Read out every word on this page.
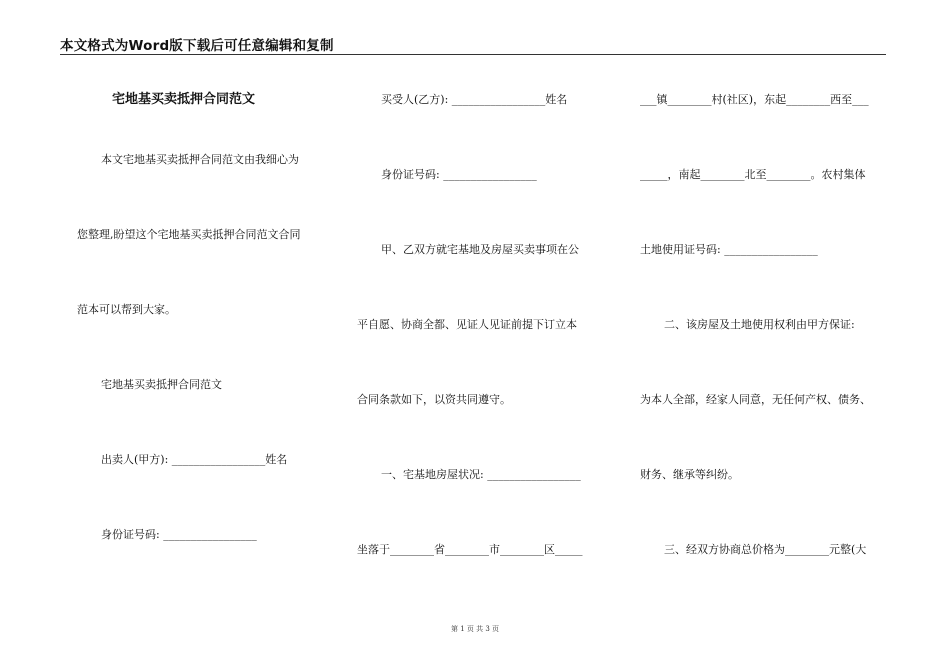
本文格式为Word版下载后可任意编辑和复制
宅地基买卖抵押合同范文
本文宅地基买卖抵押合同范文由我细心为
您整理,盼望这个宅地基买卖抵押合同范文合同
范本可以帮到大家。
宅地基买卖抵押合同范文
出卖人(甲方): _________________姓名
身份证号码: _________________
买受人(乙方): _________________姓名
身份证号码: _________________
甲、乙双方就宅基地及房屋买卖事项在公
平自愿、协商全都、见证人见证前提下订立本
合同条款如下，以资共同遵守。
一、宅基地房屋状况: _________________
坐落于________省________市________区_____
___镇________村(社区)，东起________西至___
_____，南起________北至________。农村集体
土地使用证号码: _________________
二、该房屋及土地使用权利由甲方保证:
为本人全部，经家人同意，无任何产权、债务、
财务、继承等纠纷。
三、经双方协商总价格为________元整(大
第 1 页 共 3 页
